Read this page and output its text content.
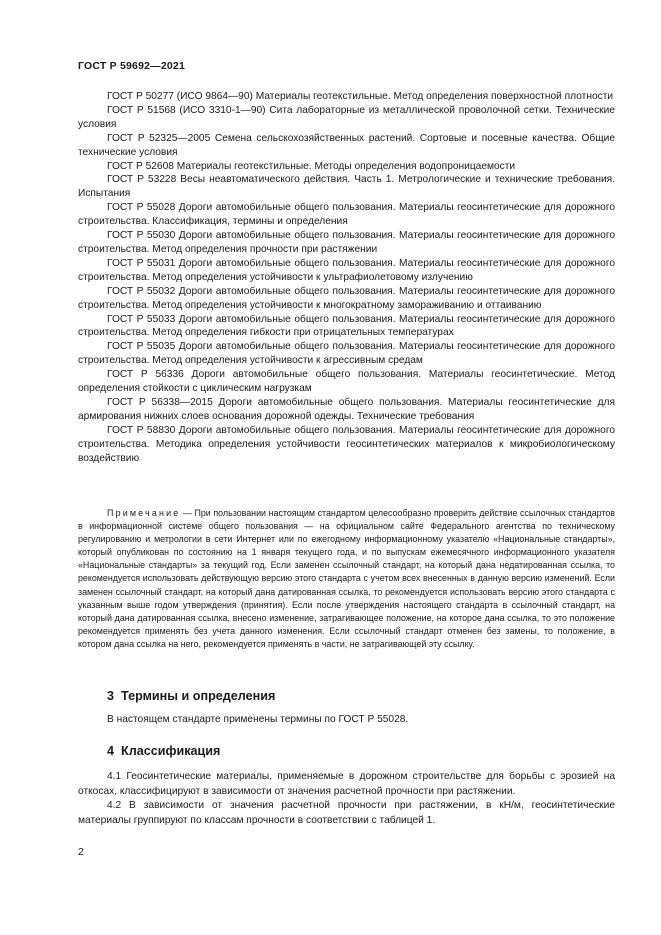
ГОСТ Р 59692—2021

ГОСТ Р 50277 (ИСО 9864—90) Материалы геотекстильные. Метод определения поверхностной плотности

ГОСТ Р 51568 (ИСО 3310-1—90) Сита лабораторные из металлической проволочной сетки. Технические условия

ГОСТ Р 52325—2005 Семена сельскохозяйственных растений. Сортовые и посевные качества. Общие технические условия

ГОСТ Р 52608 Материалы геотекстильные. Методы определения водопроницаемости

ГОСТ Р 53228 Весы неавтоматического действия. Часть 1. Метрологические и технические требования. Испытания

ГОСТ Р 55028 Дороги автомобильные общего пользования. Материалы геосинтетические для дорожного строительства. Классификация, термины и определения

ГОСТ Р 55030 Дороги автомобильные общего пользования. Материалы геосинтетические для дорожного строительства. Метод определения прочности при растяжении

ГОСТ Р 55031 Дороги автомобильные общего пользования. Материалы геосинтетические для дорожного строительства. Метод определения устойчивости к ультрафиолетовому излучению

ГОСТ Р 55032 Дороги автомобильные общего пользования. Материалы геосинтетические для дорожного строительства. Метод определения устойчивости к многократному замораживанию и оттаиванию

ГОСТ Р 55033 Дороги автомобильные общего пользования. Материалы геосинтетические для дорожного строительства. Метод определения гибкости при отрицательных температурах

ГОСТ Р 55035 Дороги автомобильные общего пользования. Материалы геосинтетические для дорожного строительства. Метод определения устойчивости к агрессивным средам

ГОСТ Р 56336 Дороги автомобильные общего пользования. Материалы геосинтетические. Метод определения стойкости с циклическим нагрузкам

ГОСТ Р 56338—2015 Дороги автомобильные общего пользования. Материалы геосинтетические для армирования нижних слоев основания дорожной одежды. Технические требования

ГОСТ Р 58830 Дороги автомобильные общего пользования. Материалы геосинтетические для дорожного строительства. Методика определения устойчивости геосинтетических материалов к микробиологическому воздействию

Примечание — При пользовании настоящим стандартом целесообразно проверить действие ссылочных стандартов в информационной системе общего пользования — на официальном сайте Федерального агентства по техническому регулированию и метрологии в сети Интернет или по ежегодному информационному указателю «Национальные стандарты», который опубликован по состоянию на 1 января текущего года, и по выпускам ежемесячного информационного указателя «Национальные стандарты» за текущий год. Если заменен ссылочный стандарт, на который дана недатированная ссылка, то рекомендуется использовать действующую версию этого стандарта с учетом всех внесенных в данную версию изменений. Если заменен ссылочный стандарт, на который дана датированная ссылка, то рекомендуется использовать версию этого стандарта с указанным выше годом утверждения (принятия). Если после утверждения настоящего стандарта в ссылочный стандарт, на который дана датированная ссылка, внесено изменение, затрагивающее положение, на которое дана ссылка, то это положение рекомендуется применять без учета данного изменения. Если ссылочный стандарт отменен без замены, то положение, в котором дана ссылка на него, рекомендуется применять в части, не затрагивающей эту ссылку.

3 Термины и определения

В настоящем стандарте применены термины по ГОСТ Р 55028.

4 Классификация

4.1 Геосинтетические материалы, применяемые в дорожном строительстве для борьбы с эрозией на откосах, классифицируют в зависимости от значения расчетной прочности при растяжении.

4.2 В зависимости от значения расчетной прочности при растяжении, в кН/м, геосинтетические материалы группируют по классам прочности в соответствии с таблицей 1.

2
